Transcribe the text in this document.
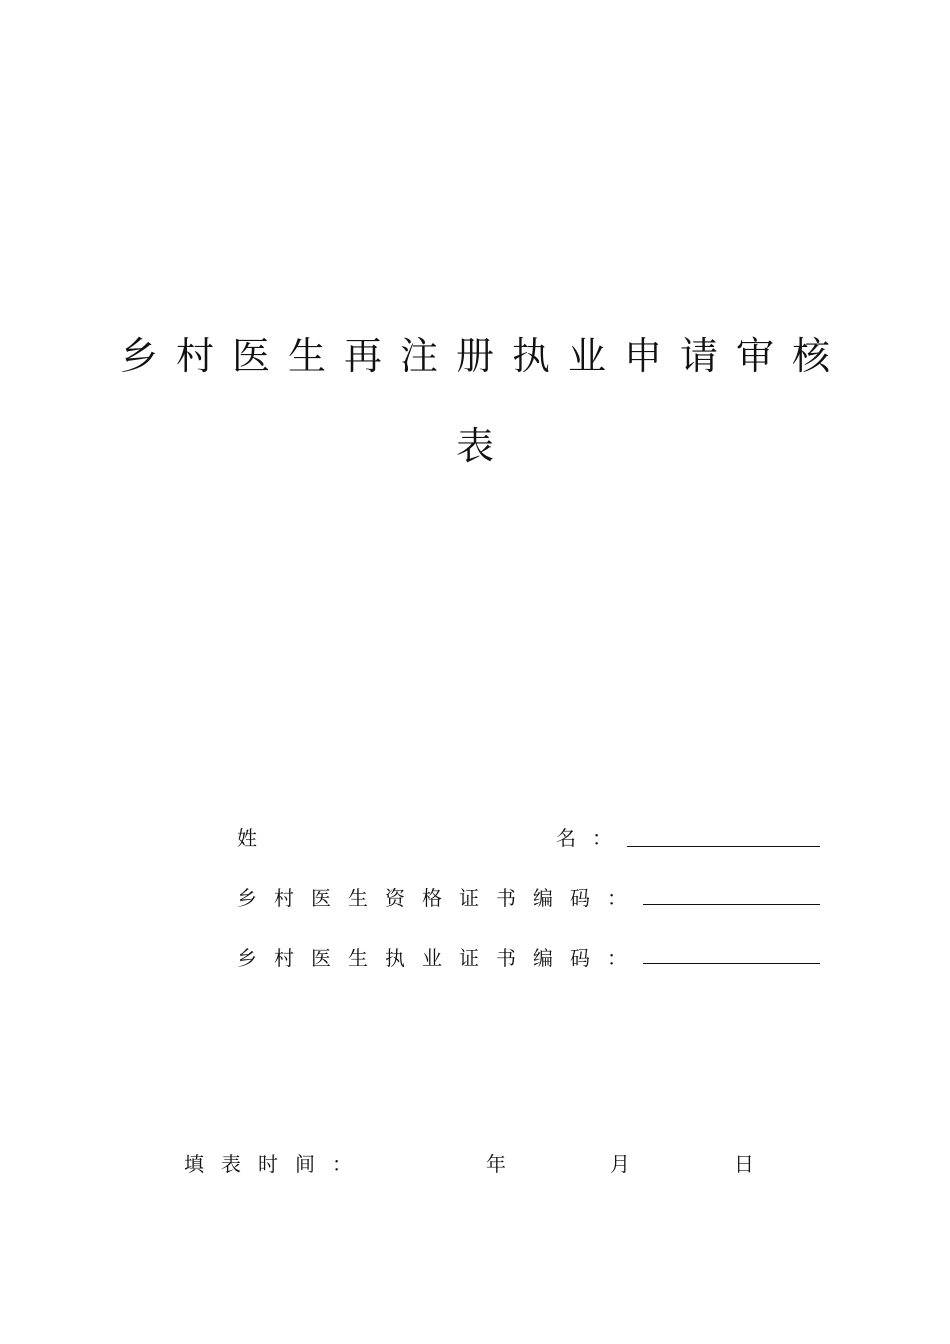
乡村医生再注册执业申请审核
表
姓	名：
乡村医生资格证书编码：
乡村医生执业证书编码：
填表时间：	年	月	日
